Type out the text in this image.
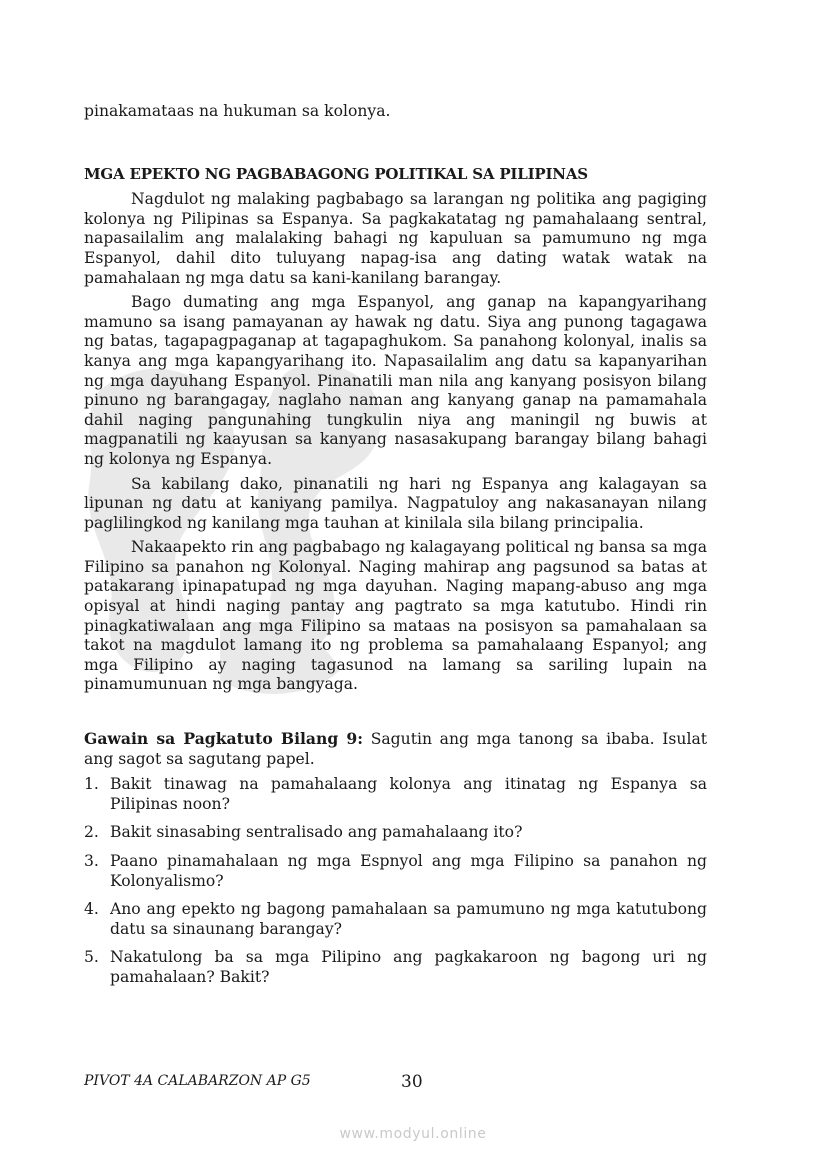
pinakamataas na hukuman sa kolonya.

MGA EPEKTO NG PAGBABAGONG POLITIKAL SA PILIPINAS

Nagdulot ng malaking pagbabago sa larangan ng politika ang pagiging kolonya ng Pilipinas sa Espanya. Sa pagkakatatag ng pamahalaang sentral, napasailalim ang malalaking bahagi ng kapuluan sa pamumuno ng mga Espanyol, dahil dito tuluyang napag-isa ang dating watak watak na pamahalaan ng mga datu sa kani-kanilang barangay.

Bago dumating ang mga Espanyol, ang ganap na kapangyarihang mamuno sa isang pamayanan ay hawak ng datu. Siya ang punong tagagawa ng batas, tagapagpaganap at tagapaghukom. Sa panahong kolonyal, inalis sa kanya ang mga kapangyarihang ito. Napasailalim ang datu sa kapanyarihan ng mga dayuhang Espanyol. Pinanatili man nila ang kanyang posisyon bilang pinuno ng barangagay, naglaho naman ang kanyang ganap na pamamahala dahil naging pangunahing tungkulin niya ang maningil ng buwis at magpanatili ng kaayusan sa kanyang nasasakupang barangay bilang bahagi ng kolonya ng Espanya.

Sa kabilang dako, pinanatili ng hari ng Espanya ang kalagayan sa lipunan ng datu at kaniyang pamilya. Nagpatuloy ang nakasanayan nilang paglilingkod ng kanilang mga tauhan at kinilala sila bilang principalia.

Nakaapekto rin ang pagbabago ng kalagayang political ng bansa sa mga Filipino sa panahon ng Kolonyal. Naging mahirap ang pagsunod sa batas at patakarang ipinapatupad ng mga dayuhan. Naging mapang-abuso ang mga opisyal at hindi naging pantay ang pagtrato sa mga katutubo. Hindi rin pinagkatiwalaan ang mga Filipino sa mataas na posisyon sa pamahalaan sa takot na magdulot lamang ito ng problema sa pamahalaang Espanyol; ang mga Filipino ay naging tagasunod na lamang sa sariling lupain na pinamumunuan ng mga bangyaga.

Gawain sa Pagkatuto Bilang 9: Sagutin ang mga tanong sa ibaba. Isulat ang sagot sa sagutang papel.

1. Bakit tinawag na pamahalaang kolonya ang itinatag ng Espanya sa Pilipinas noon?
2. Bakit sinasabing sentralisado ang pamahalaang ito?
3. Paano pinamahalaan ng mga Espnyol ang mga Filipino sa panahon ng Kolonyalismo?
4. Ano ang epekto ng bagong pamahalaan sa pamumuno ng mga katutubong datu sa sinaunang barangay?
5. Nakatulong ba sa mga Pilipino ang pagkakaroon ng bagong uri ng pamahalaan? Bakit?
PIVOT 4A CALABARZON AP G5	30
www.modyul.online
